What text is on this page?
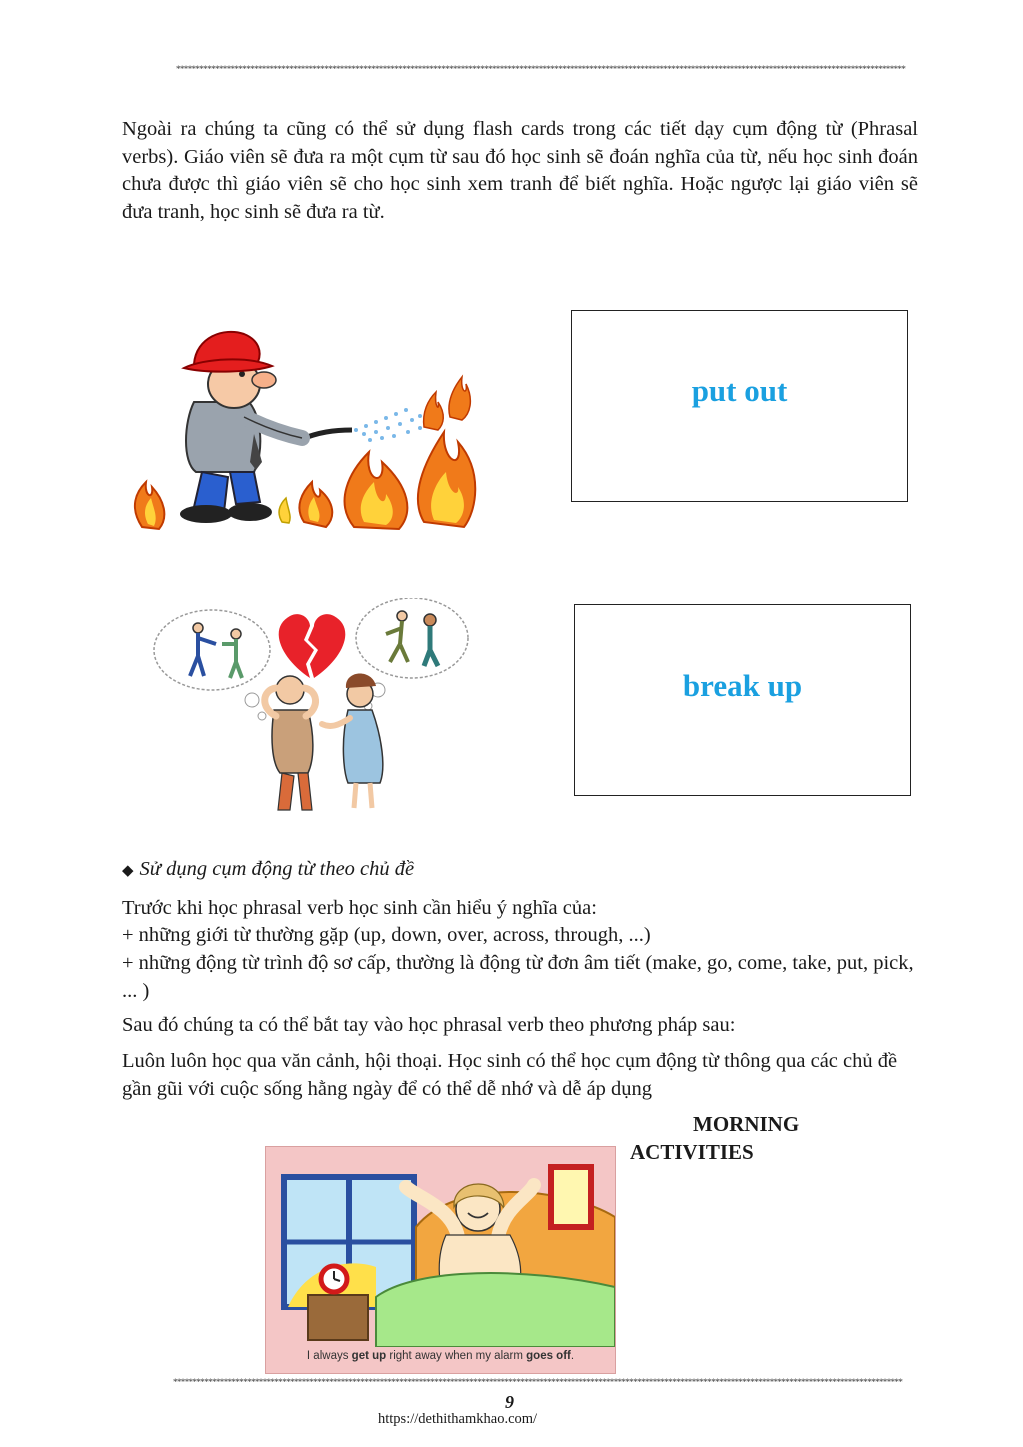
*******************************************************************************************************************************************************************************************

Ngoài ra chúng ta cũng có thể sử dụng flash cards trong các tiết dạy cụm động từ (Phrasal verbs). Giáo viên sẽ đưa ra một cụm từ sau đó học sinh sẽ đoán nghĩa của từ, nếu học sinh đoán chưa được thì giáo viên sẽ cho học sinh xem tranh để biết nghĩa. Hoặc ngược lại giáo viên sẽ đưa tranh, học sinh sẽ đưa ra từ.

put out
break up
◆ Sử dụng cụm động từ theo chủ đề

Trước khi học phrasal verb học sinh cần hiểu ý nghĩa của:

+ những giới từ thường gặp (up, down, over, across, through, ...)

+ những động từ trình độ sơ cấp, thường là động từ đơn âm tiết (make, go, come, take, put, pick, ... )

Sau đó chúng ta có thể bắt tay vào học phrasal verb theo phương pháp sau:

Luôn luôn học qua văn cảnh, hội thoại. Học sinh có thể học cụm động từ thông qua các chủ đề gần gũi với cuộc sống hằng ngày để có thể dễ nhớ và dễ áp dụng

MORNING
ACTIVITIES
I always get up right away when my alarm goes off.
*******************************************************************************************************************************************************************************************
9
https://dethithamkhao.com/
